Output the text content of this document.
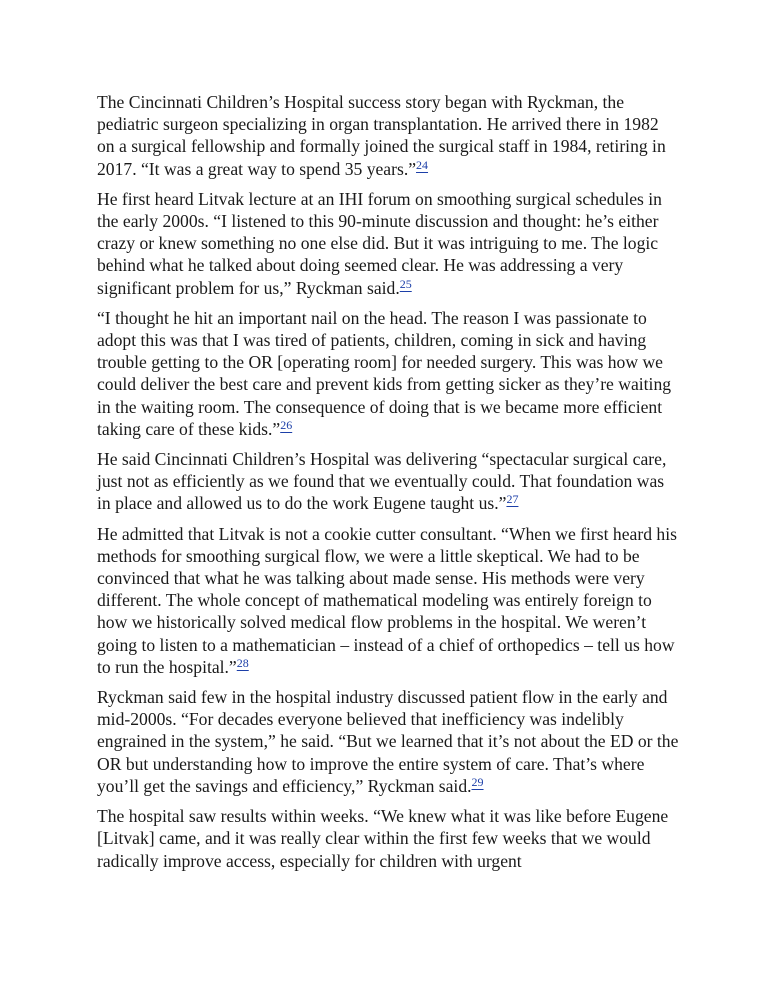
The Cincinnati Children’s Hospital success story began with Ryckman, the pediatric surgeon specializing in organ transplantation. He arrived there in 1982 on a surgical fellowship and formally joined the surgical staff in 1984, retiring in 2017. “It was a great way to spend 35 years.”$^{24}$

He first heard Litvak lecture at an IHI forum on smoothing surgical schedules in the early 2000s. “I listened to this 90-minute discussion and thought: he’s either crazy or knew something no one else did. But it was intriguing to me. The logic behind what he talked about doing seemed clear. He was addressing a very significant problem for us,” Ryckman said.$^{25}$

“I thought he hit an important nail on the head. The reason I was passionate to adopt this was that I was tired of patients, children, coming in sick and having trouble getting to the OR [operating room] for needed surgery. This was how we could deliver the best care and prevent kids from getting sicker as they’re waiting in the waiting room. The consequence of doing that is we became more efficient taking care of these kids.”$^{26}$

He said Cincinnati Children’s Hospital was delivering “spectacular surgical care, just not as efficiently as we found that we eventually could. That foundation was in place and allowed us to do the work Eugene taught us.”$^{27}$

He admitted that Litvak is not a cookie cutter consultant. “When we first heard his methods for smoothing surgical flow, we were a little skeptical. We had to be convinced that what he was talking about made sense. His methods were very different. The whole concept of mathematical modeling was entirely foreign to how we historically solved medical flow problems in the hospital. We weren’t going to listen to a mathematician – instead of a chief of orthopedics – tell us how to run the hospital.”$^{28}$

Ryckman said few in the hospital industry discussed patient flow in the early and mid-2000s. “For decades everyone believed that inefficiency was indelibly engrained in the system,” he said. “But we learned that it’s not about the ED or the OR but understanding how to improve the entire system of care. That’s where you’ll get the savings and efficiency,” Ryckman said.$^{29}$

The hospital saw results within weeks. “We knew what it was like before Eugene [Litvak] came, and it was really clear within the first few weeks that we would radically improve access, especially for children with urgent
